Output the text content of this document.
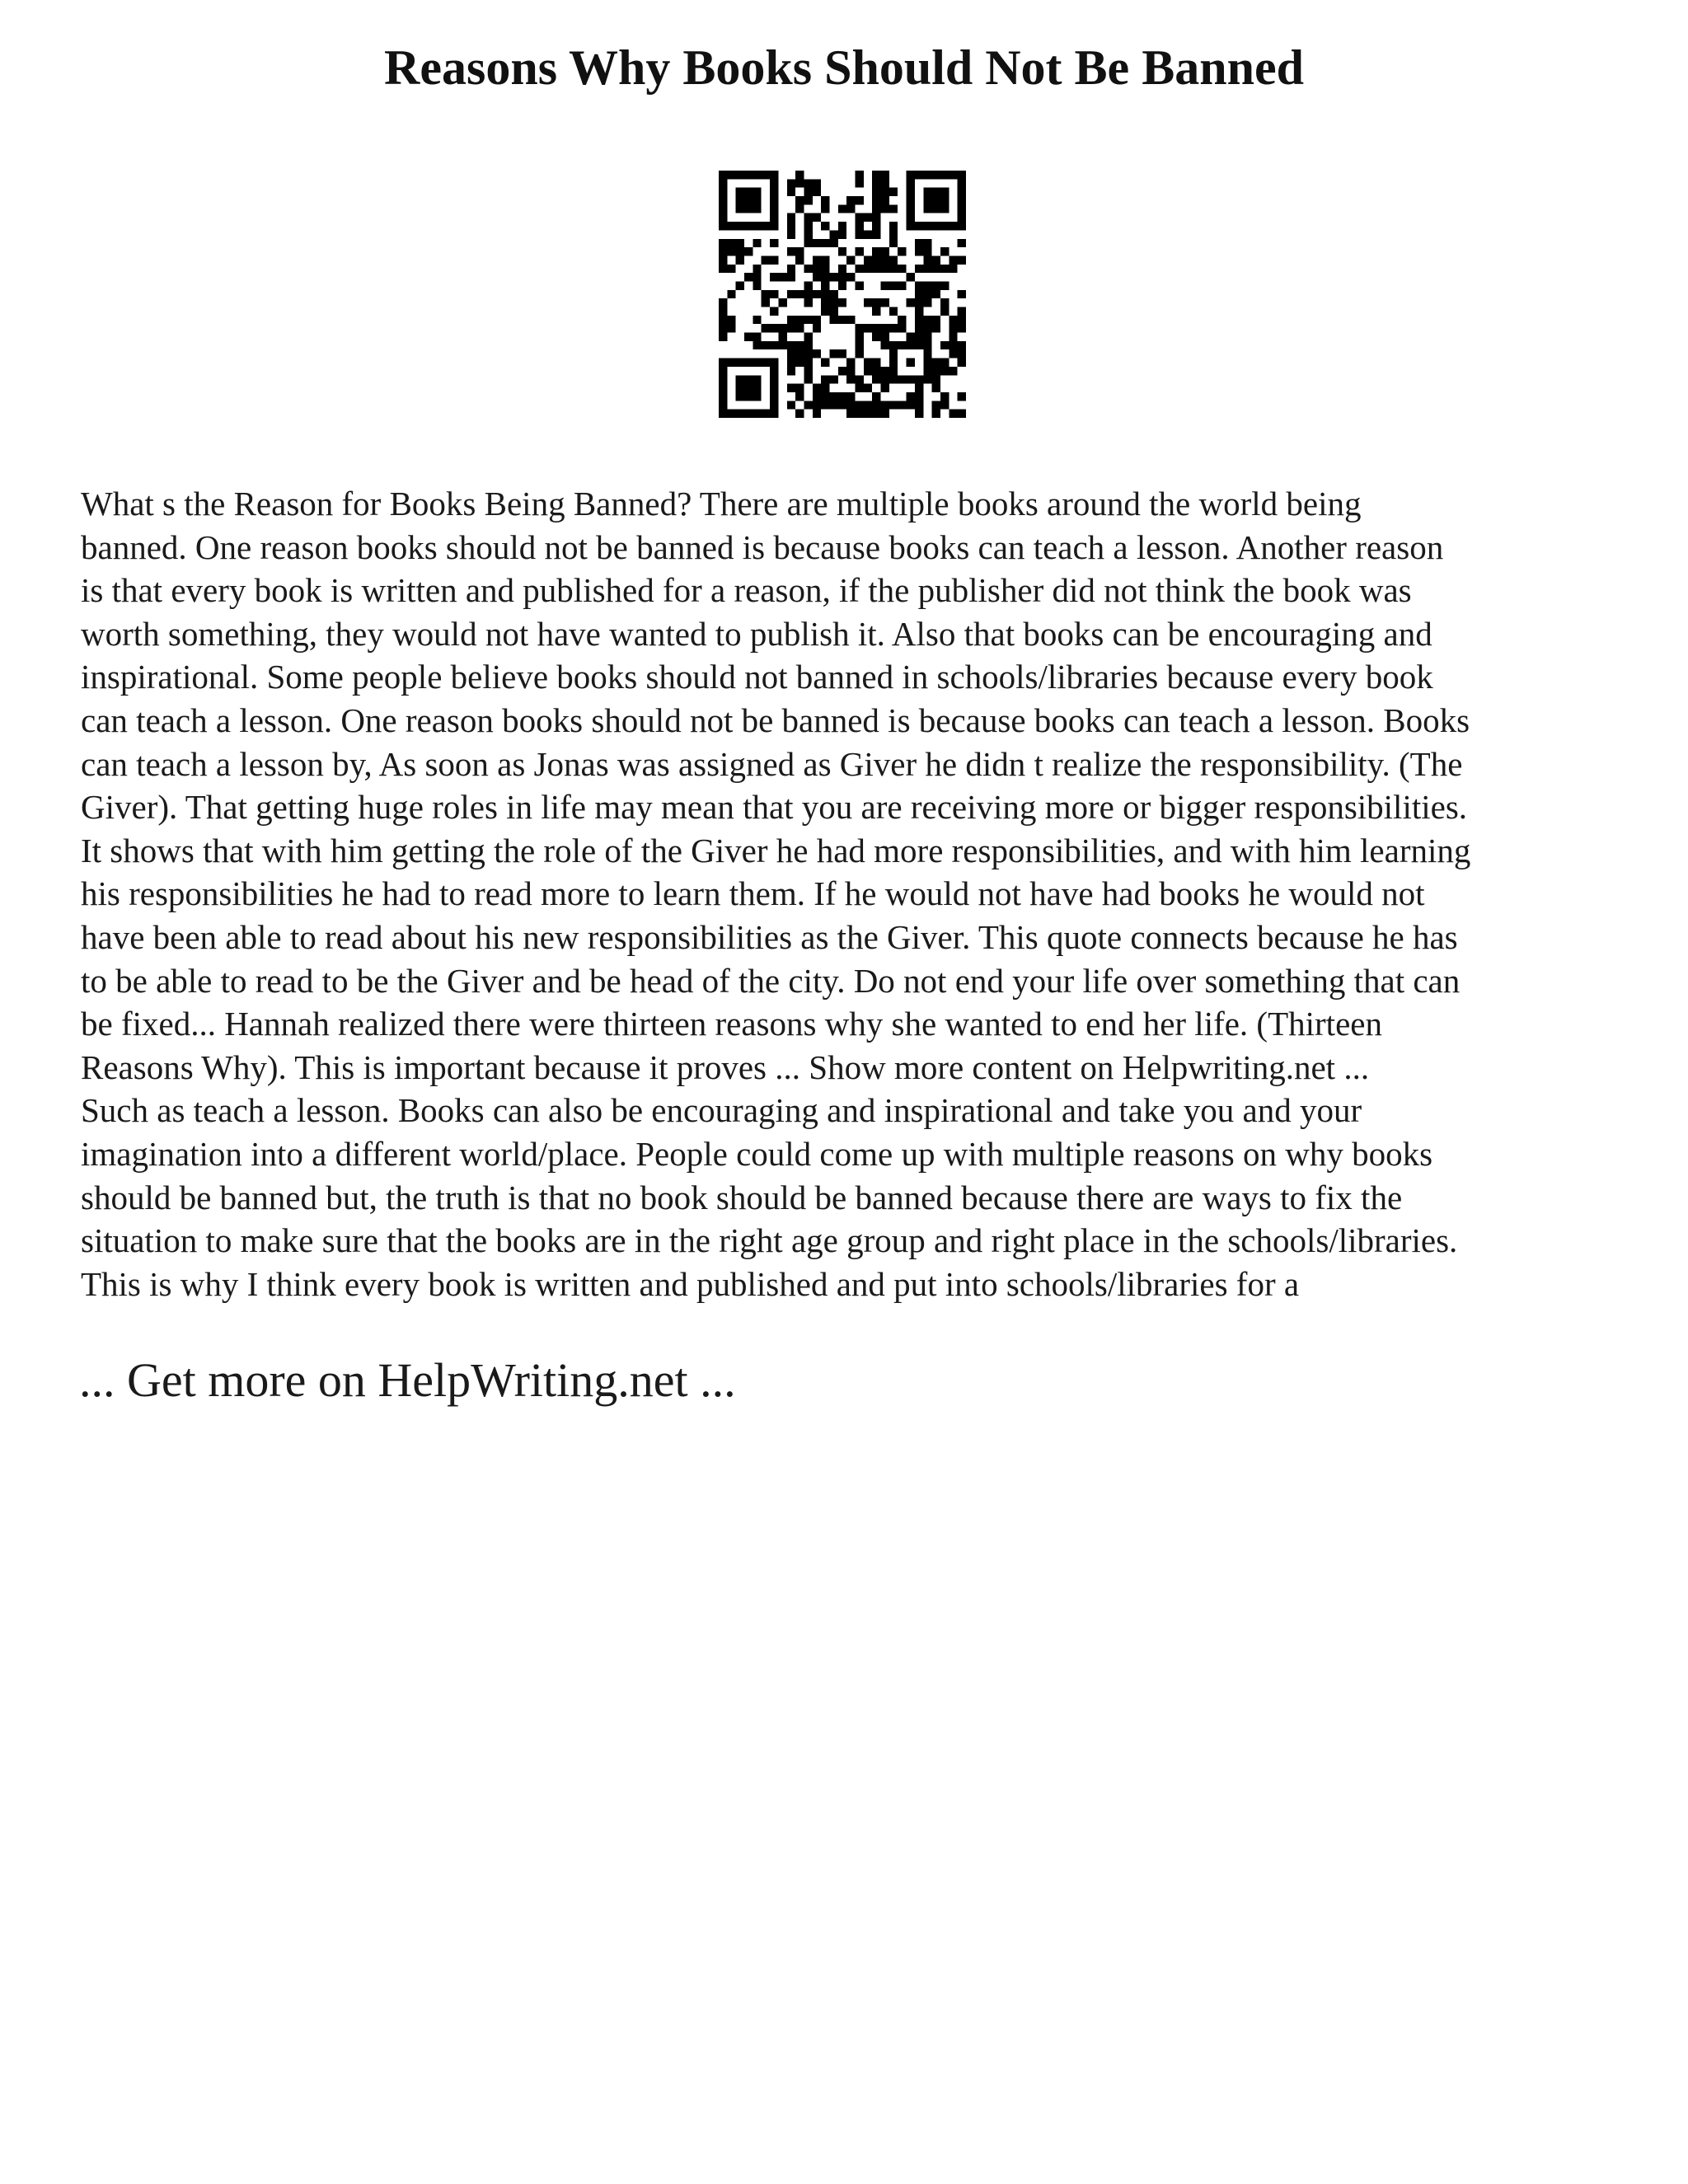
Reasons Why Books Should Not Be Banned
What s the Reason for Books Being Banned? There are multiple books around the world being
banned. One reason books should not be banned is because books can teach a lesson. Another reason
is that every book is written and published for a reason, if the publisher did not think the book was
worth something, they would not have wanted to publish it. Also that books can be encouraging and
inspirational. Some people believe books should not banned in schools/libraries because every book
can teach a lesson. One reason books should not be banned is because books can teach a lesson. Books
can teach a lesson by, As soon as Jonas was assigned as Giver he didn t realize the responsibility. (The
Giver). That getting huge roles in life may mean that you are receiving more or bigger responsibilities.
It shows that with him getting the role of the Giver he had more responsibilities, and with him learning
his responsibilities he had to read more to learn them. If he would not have had books he would not
have been able to read about his new responsibilities as the Giver. This quote connects because he has
to be able to read to be the Giver and be head of the city. Do not end your life over something that can
be fixed... Hannah realized there were thirteen reasons why she wanted to end her life. (Thirteen
Reasons Why). This is important because it proves ... Show more content on Helpwriting.net ...
Such as teach a lesson. Books can also be encouraging and inspirational and take you and your
imagination into a different world/place. People could come up with multiple reasons on why books
should be banned but, the truth is that no book should be banned because there are ways to fix the
situation to make sure that the books are in the right age group and right place in the schools/libraries.
This is why I think every book is written and published and put into schools/libraries for a
... Get more on HelpWriting.net ...
